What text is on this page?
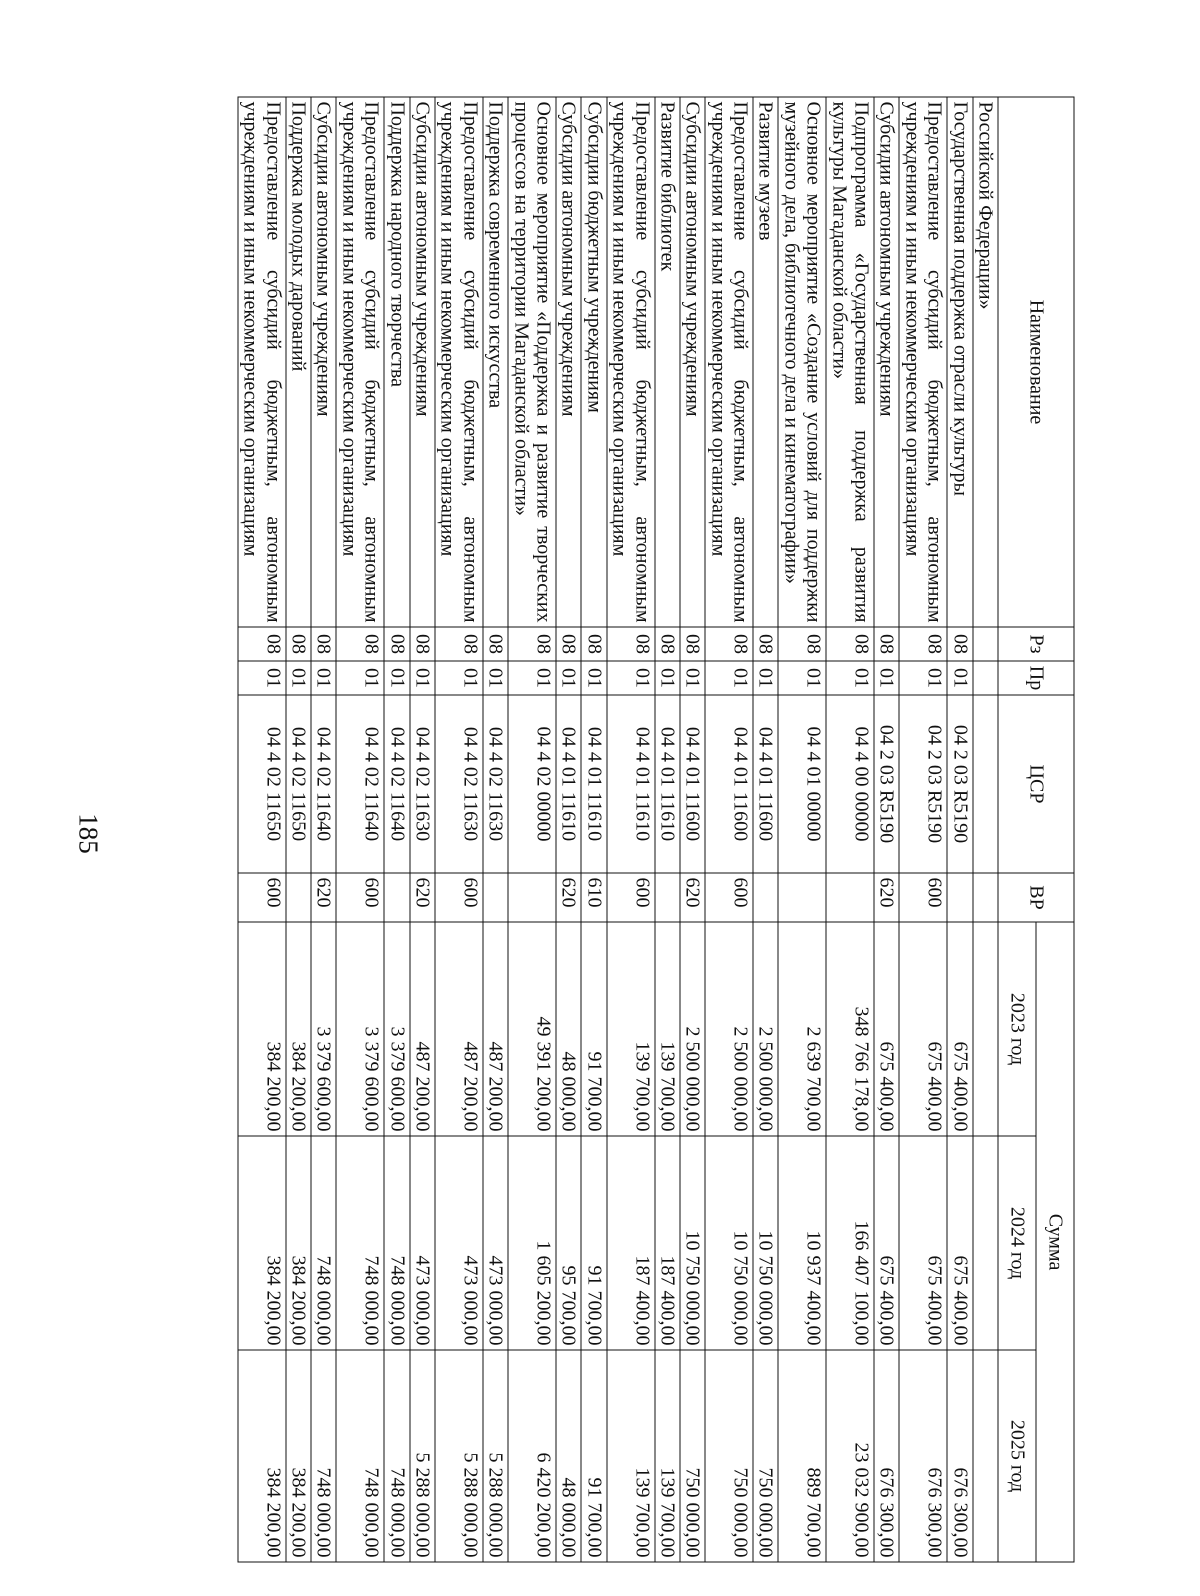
185
Наименование	Рз	Пр	ЦСР	ВР	Сумма		
					2023 год	2024 год	2025 год
Российской Федерации»							
Государственная поддержка отрасли культуры	08	01	04 2 03 R5190		675 400,00	675 400,00	676 300,00
Предоставление субсидий бюджетным, автономным учреждениям и иным некоммерческим организациям	08	01	04 2 03 R5190	600	675 400,00	675 400,00	676 300,00
Субсидии автономным учреждениям	08	01	04 2 03 R5190	620	675 400,00	675 400,00	676 300,00
Подпрограмма «Государственная поддержка развития культуры Магаданской области»	08	01	04 4 00 00000		348 766 178,00	166 407 100,00	23 032 900,00
Основное мероприятие «Создание условий для поддержки музейного дела, библиотечного дела и кинематографии»	08	01	04 4 01 00000		2 639 700,00	10 937 400,00	889 700,00
Развитие музеев	08	01	04 4 01 11600		2 500 000,00	10 750 000,00	750 000,00
Предоставление субсидий бюджетным, автономным учреждениям и иным некоммерческим организациям	08	01	04 4 01 11600	600	2 500 000,00	10 750 000,00	750 000,00
Субсидии автономным учреждениям	08	01	04 4 01 11600	620	2 500 000,00	10 750 000,00	750 000,00
Развитие библиотек	08	01	04 4 01 11610		139 700,00	187 400,00	139 700,00
Предоставление субсидий бюджетным, автономным учреждениям и иным некоммерческим организациям	08	01	04 4 01 11610	600	139 700,00	187 400,00	139 700,00
Субсидии бюджетным учреждениям	08	01	04 4 01 11610	610	91 700,00	91 700,00	91 700,00
Субсидии автономным учреждениям	08	01	04 4 01 11610	620	48 000,00	95 700,00	48 000,00
Основное мероприятие «Поддержка и развитие творческих процессов на территории Магаданской области»	08	01	04 4 02 00000		49 391 200,00	1 605 200,00	6 420 200,00
Поддержка современного искусства	08	01	04 4 02 11630		487 200,00	473 000,00	5 288 000,00
Предоставление субсидий бюджетным, автономным учреждениям и иным некоммерческим организациям	08	01	04 4 02 11630	600	487 200,00	473 000,00	5 288 000,00
Субсидии автономным учреждениям	08	01	04 4 02 11630	620	487 200,00	473 000,00	5 288 000,00
Поддержка народного творчества	08	01	04 4 02 11640		3 379 600,00	748 000,00	748 000,00
Предоставление субсидий бюджетным, автономным учреждениям и иным некоммерческим организациям	08	01	04 4 02 11640	600	3 379 600,00	748 000,00	748 000,00
Субсидии автономным учреждениям	08	01	04 4 02 11640	620	3 379 600,00	748 000,00	748 000,00
Поддержка молодых дарований	08	01	04 4 02 11650		384 200,00	384 200,00	384 200,00
Предоставление субсидий бюджетным, автономным учреждениям и иным некоммерческим организациям	08	01	04 4 02 11650	600	384 200,00	384 200,00	384 200,00
